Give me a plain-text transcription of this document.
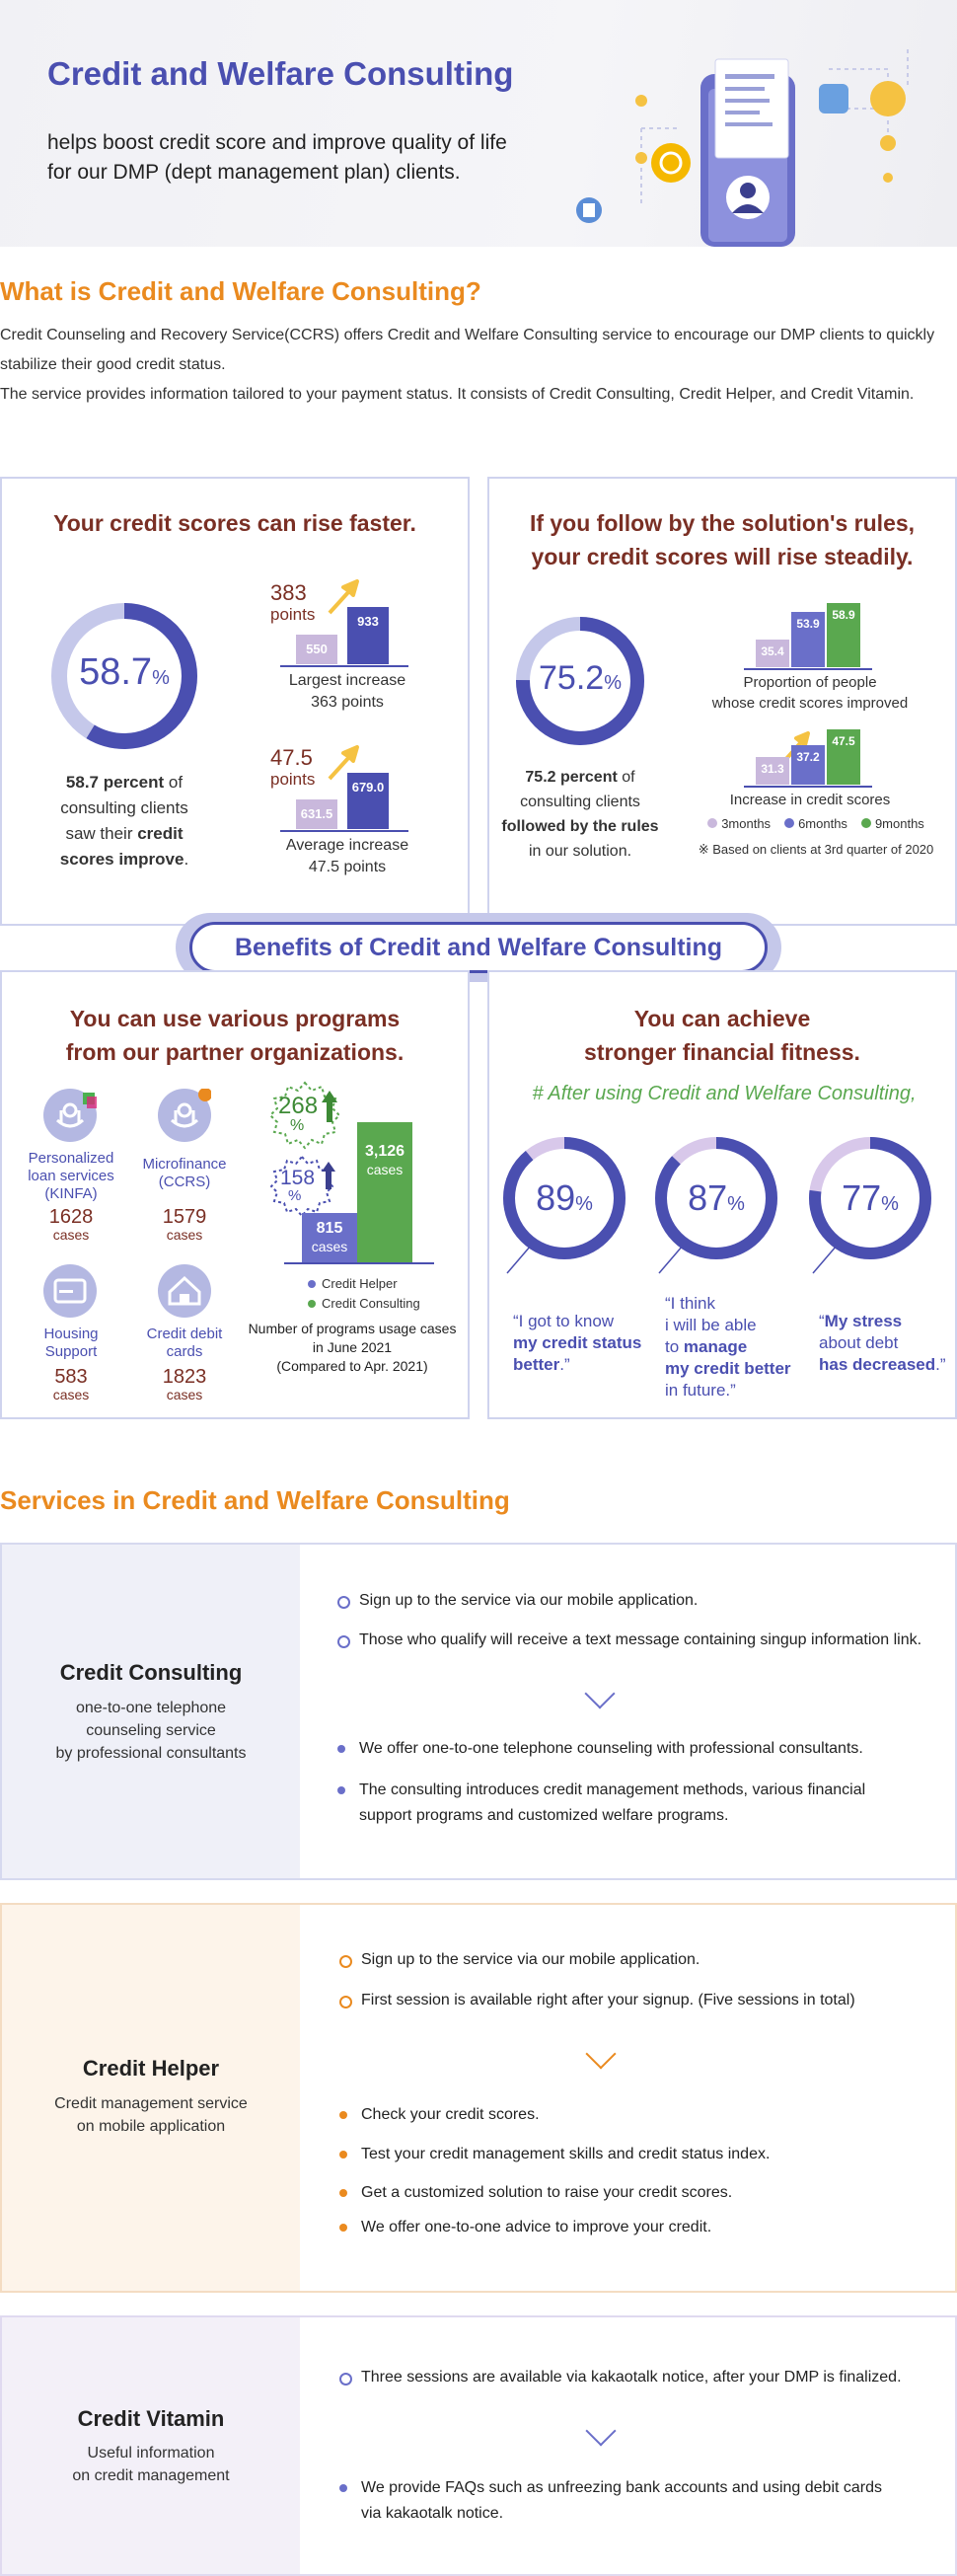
Credit and Welfare Consulting
helps boost credit score and improve quality of life
for our DMP (dept management plan) clients.
What is Credit and Welfare Consulting?

Credit Counseling and Recovery Service(CCRS) offers Credit and Welfare Consulting service to encourage our DMP clients to quickly stabilize their good credit status.

The service provides information tailored to your payment status. It consists of Credit Consulting, Credit Helper, and Credit Vitamin.

Your credit scores can rise faster.
58.7%
58.7 percent of
consulting clients
saw their credit
scores improve.
383
points
550
933
Largest increase
363 points
47.5
points
631.5
679.0
Average increase
47.5 points
If you follow by the solution's rules,
your credit scores will rise steadily.
75.2%
75.2 percent of
consulting clients
followed by the rules
in our solution.
35.4
53.9
58.9
Proportion of people
whose credit scores improved
31.3
37.2
47.5
Increase in credit scores
3months	6months	9months
※ Based on clients at 3rd quarter of 2020
Benefits of Credit and Welfare Consulting
You can use various programs
from our partner organizations.
Personalized
loan services
(KINFA)
1628
cases
Microfinance
(CCRS)
1579
cases
Housing
Support
583
cases
Credit debit
cards
1823
cases
268
%
3,126
cases
158
%
815
cases
Credit Helper
Credit Consulting
Number of programs usage cases
in June 2021
(Compared to Apr. 2021)
You can achieve
stronger financial fitness.
# After using Credit and Welfare Consulting,
89%
“I got to know
my credit status
better.”
87%
“I think
i will be able
to manage
my credit better
in future.”
77%
“My stress
about debt
has decreased.”
Services in Credit and Welfare Consulting
Credit Consulting
one-to-one telephone
counseling service
by professional consultants
Sign up to the service via our mobile application.
Those who qualify will receive a text message containing singup information link.
We offer one-to-one telephone counseling with professional consultants.
The consulting introduces credit management methods, various financial
support programs and customized welfare programs.
Credit Helper
Credit management service
on mobile application
Sign up to the service via our mobile application.
First session is available right after your signup. (Five sessions in total)
Check your credit scores.
Test your credit management skills and credit status index.
Get a customized solution to raise your credit scores.
We offer one-to-one advice to improve your credit.
Credit Vitamin
Useful information
on credit management
Three sessions are available via kakaotalk notice, after your DMP is finalized.
We provide FAQs such as unfreezing bank accounts and using debit cards
via kakaotalk notice.
